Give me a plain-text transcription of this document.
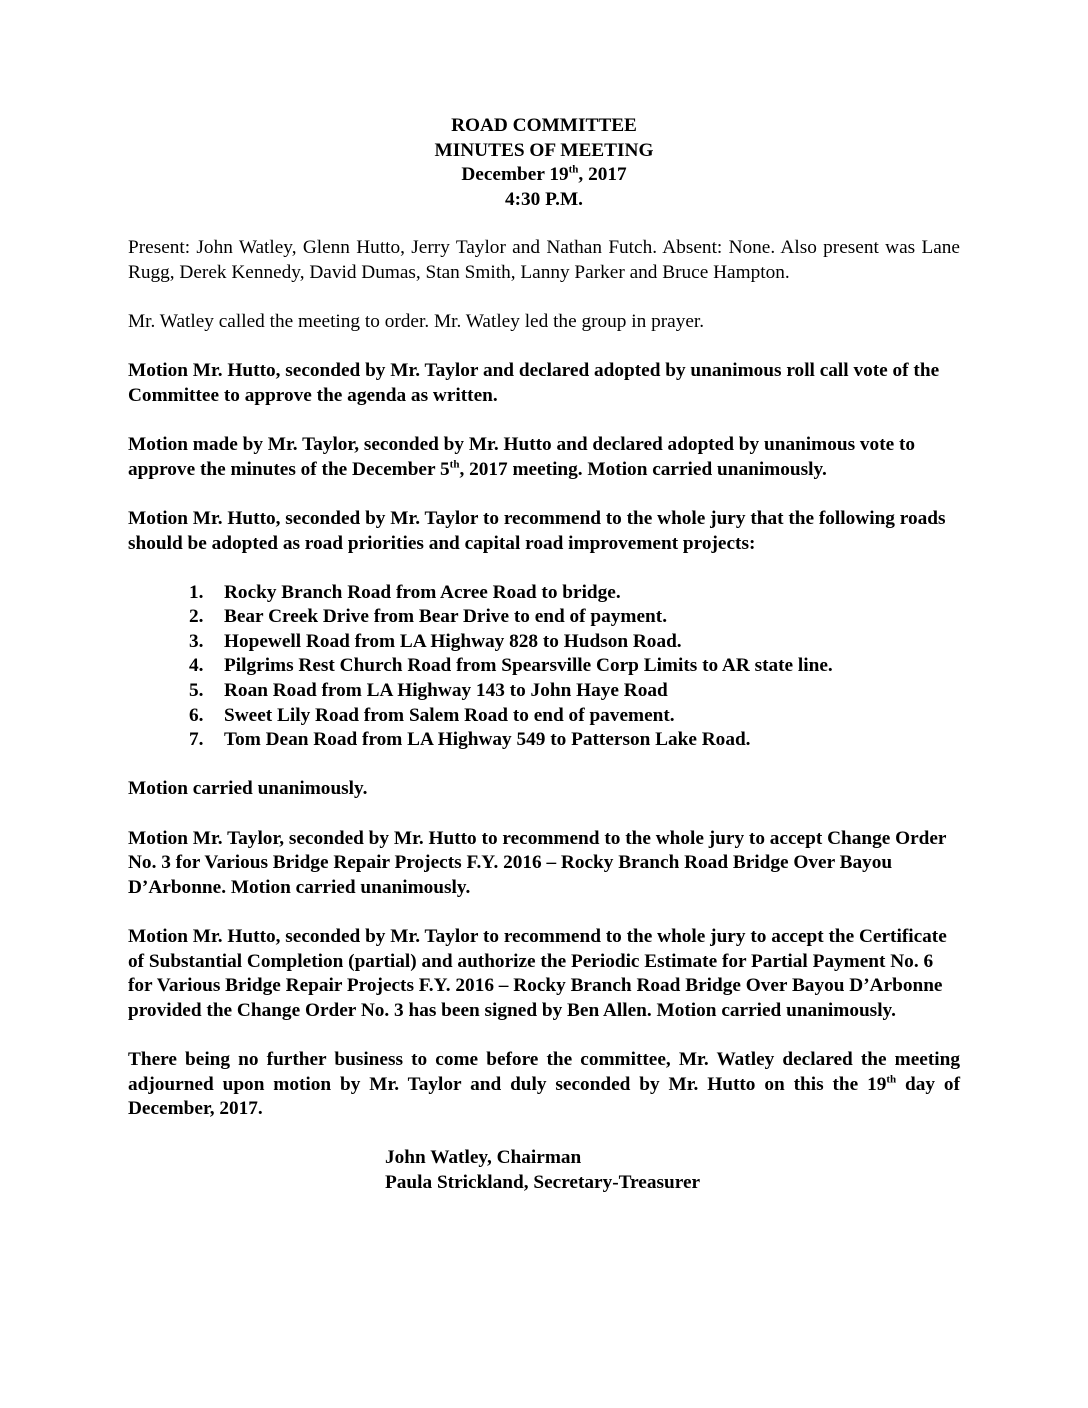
ROAD COMMITTEE
MINUTES OF MEETING
December 19th, 2017
4:30 P.M.

Present: John Watley, Glenn Hutto, Jerry Taylor and Nathan Futch. Absent: None. Also present was Lane Rugg, Derek Kennedy, David Dumas, Stan Smith, Lanny Parker and Bruce Hampton.

Mr. Watley called the meeting to order. Mr. Watley led the group in prayer.

Motion Mr. Hutto, seconded by Mr. Taylor and declared adopted by unanimous roll call vote of the Committee to approve the agenda as written.

Motion made by Mr. Taylor, seconded by Mr. Hutto and declared adopted by unanimous vote to approve the minutes of the December 5th, 2017 meeting. Motion carried unanimously.

Motion Mr. Hutto, seconded by Mr. Taylor to recommend to the whole jury that the following roads should be adopted as road priorities and capital road improvement projects:

1.	Rocky Branch Road from Acree Road to bridge.
2.	Bear Creek Drive from Bear Drive to end of payment.
3.	Hopewell Road from LA Highway 828 to Hudson Road.
4.	Pilgrims Rest Church Road from Spearsville Corp Limits to AR state line.
5.	Roan Road from LA Highway 143 to John Haye Road
6.	Sweet Lily Road from Salem Road to end of pavement.
7.	Tom Dean Road from LA Highway 549 to Patterson Lake Road.

Motion carried unanimously.

Motion Mr. Taylor, seconded by Mr. Hutto to recommend to the whole jury to accept Change Order No. 3 for Various Bridge Repair Projects F.Y. 2016 – Rocky Branch Road Bridge Over Bayou D’Arbonne. Motion carried unanimously.

Motion Mr. Hutto, seconded by Mr. Taylor to recommend to the whole jury to accept the Certificate of Substantial Completion (partial) and authorize the Periodic Estimate for Partial Payment No. 6 for Various Bridge Repair Projects F.Y. 2016 – Rocky Branch Road Bridge Over Bayou D’Arbonne provided the Change Order No. 3 has been signed by Ben Allen. Motion carried unanimously.

There being no further business to come before the committee, Mr. Watley declared the meeting adjourned upon motion by Mr. Taylor and duly seconded by Mr. Hutto on this the 19th day of December, 2017.

John Watley, Chairman
Paula Strickland, Secretary-Treasurer
